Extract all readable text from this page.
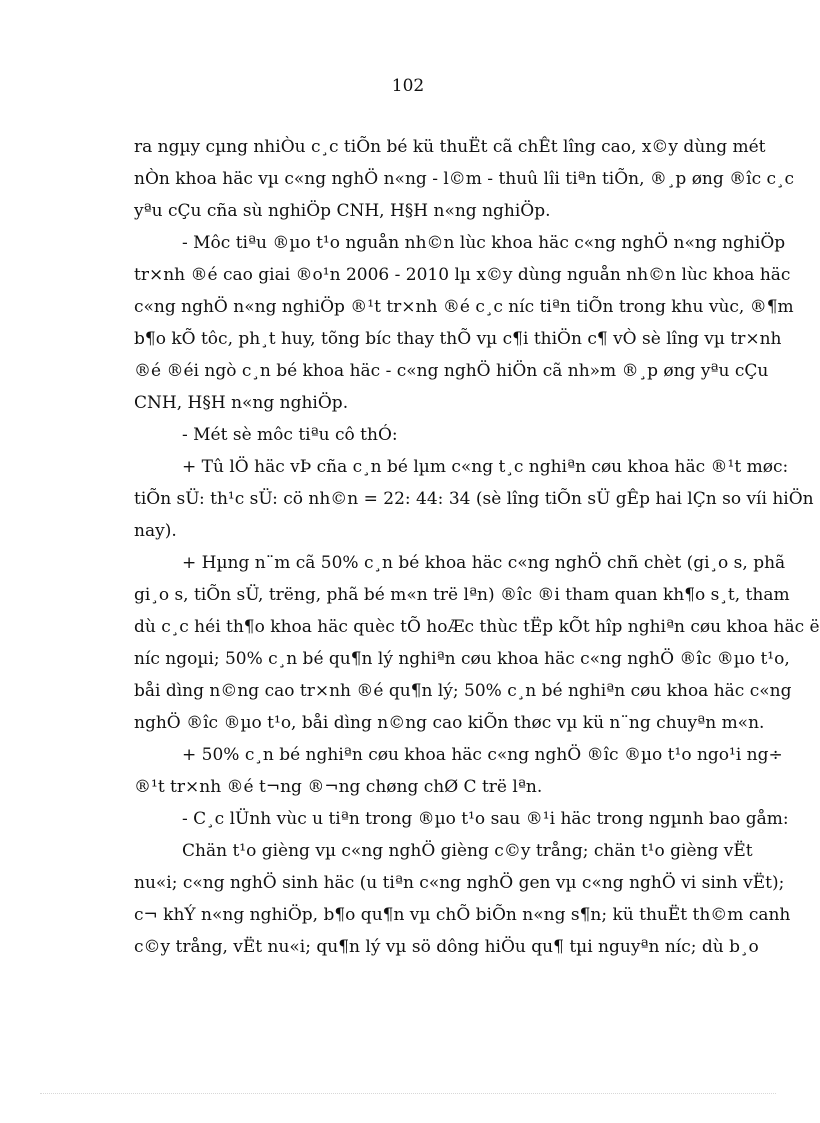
102
ra ngµy cµng nhiÒu c¸c tiÕn bé kü thuËt cã chÊt lîng cao, x©y dùng mét
nÒn khoa häc vµ c«ng nghÖ n«ng - l©m - thuû lîi tiªn tiÕn, ®¸p øng ®îc c¸c
yªu cÇu cña sù nghiÖp CNH, H§H n«ng nghiÖp.
- Môc tiªu ®µo t¹o nguån nh©n lùc khoa häc c«ng nghÖ n«ng nghiÖp
tr×nh ®é cao giai ®o¹n 2006 - 2010 lµ x©y dùng nguån nh©n lùc khoa häc
c«ng nghÖ n«ng nghiÖp ®¹t tr×nh ®é c¸c níc tiªn tiÕn trong khu vùc, ®¶m
b¶o kÕ tôc, ph¸t huy, tõng bíc thay thÕ vµ c¶i thiÖn c¶ vÒ sè lîng vµ tr×nh
®é ®éi ngò c¸n bé khoa häc - c«ng nghÖ hiÖn cã nh»m ®¸p øng yªu cÇu
CNH, H§H n«ng nghiÖp.
- Mét sè môc tiªu cô thÓ:
+ Tû lÖ häc vÞ cña c¸n bé lµm c«ng t¸c nghiªn cøu khoa häc ®¹t møc:
tiÕn sÜ: th¹c sÜ: cö nh©n = 22: 44: 34 (sè lîng tiÕn sÜ gÊp hai lÇn so víi hiÖn
nay).
+ Hµng n¨m cã 50% c¸n bé khoa häc c«ng nghÖ chñ chèt (gi¸o s, phã
gi¸o s, tiÕn sÜ, trëng, phã bé m«n trë lªn) ®îc ®i tham quan kh¶o s¸t, tham
dù c¸c héi th¶o khoa häc quèc tÕ hoÆc thùc tËp kÕt hîp nghiªn cøu khoa häc ë
níc ngoµi; 50% c¸n bé qu¶n lý nghiªn cøu khoa häc c«ng nghÖ ®îc ®µo t¹o,
båi dìng n©ng cao tr×nh ®é qu¶n lý; 50% c¸n bé nghiªn cøu khoa häc c«ng
nghÖ ®îc ®µo t¹o, båi dìng n©ng cao kiÕn thøc vµ kü n¨ng chuyªn m«n.
+ 50% c¸n bé nghiªn cøu khoa häc c«ng nghÖ ®îc ®µo t¹o ngo¹i ng÷
®¹t tr×nh ®é t¬ng ®¬ng chøng chØ C trë lªn.
- C¸c lÜnh vùc u tiªn trong ®µo t¹o sau ®¹i häc trong ngµnh bao gåm:
Chän t¹o gièng vµ c«ng nghÖ gièng c©y trång; chän t¹o gièng vËt
nu«i; c«ng nghÖ sinh häc (u tiªn c«ng nghÖ gen vµ c«ng nghÖ vi sinh vËt);
c¬ khÝ n«ng nghiÖp, b¶o qu¶n vµ chÕ biÕn n«ng s¶n; kü thuËt th©m canh
c©y trång, vËt nu«i; qu¶n lý vµ sö dông hiÖu qu¶ tµi nguyªn níc; dù b¸o
